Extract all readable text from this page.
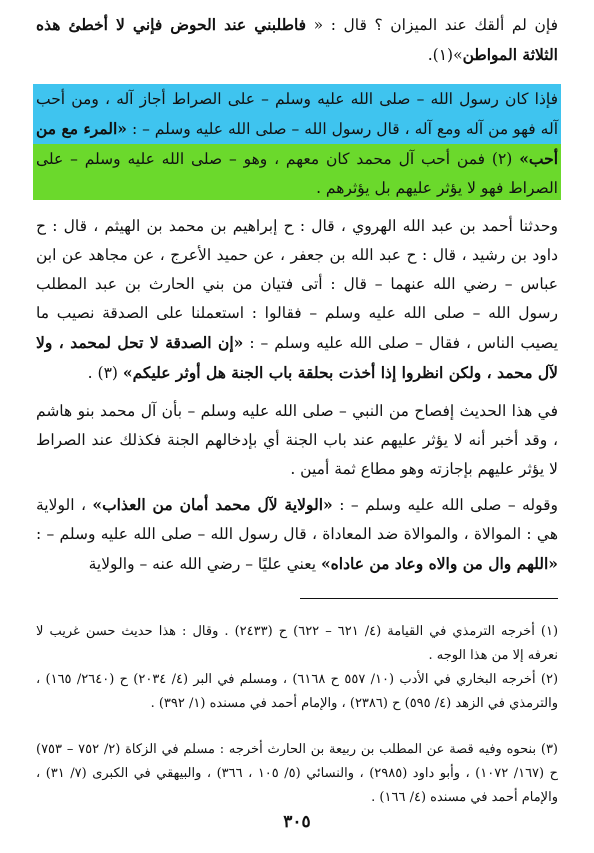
فإن لم ألقك عند الميزان ؟ قال : « فاطلبني عند الحوض فإني لا أخطئ هذه الثلاثة المواطن»(١).

فإذا كان رسول الله – صلى الله عليه وسلم – على الصراط أجاز آله ، ومن أحب آله فهو من آله ومع آله ، قال رسول الله – صلى الله عليه وسلم – : «المرء مع من أحب» (٢) فمن أحب آل محمد كان معهم ، وهو – صلى الله عليه وسلم – على الصراط فهو لا يؤثر عليهم بل يؤثرهم .

وحدثنا أحمد بن عبد الله الهروي ، قال : ح إبراهيم بن محمد بن الهيثم ، قال : ح داود بن رشيد ، قال : ح عبد الله بن جعفر ، عن حميد الأعرج ، عن مجاهد عن ابن عباس – رضي الله عنهما – قال : أتى فتيان من بني الحارث بن عبد المطلب رسول الله – صلى الله عليه وسلم – فقالوا : استعملنا على الصدقة نصيب ما يصيب الناس ، فقال – صلى الله عليه وسلم – : «إن الصدقة لا تحل لمحمد ، ولا لآل محمد ، ولكن انظروا إذا أخذت بحلقة باب الجنة هل أوثر عليكم» (٣) .

في هذا الحديث إفصاح من النبي – صلى الله عليه وسلم – بأن آل محمد بنو هاشم ، وقد أخبر أنه لا يؤثر عليهم عند باب الجنة أي بإدخالهم الجنة فكذلك عند الصراط لا يؤثر عليهم بإجازته وهو مطاع ثمة أمين .

وقوله – صلى الله عليه وسلم – : «الولاية لآل محمد أمان من العذاب» ، الولاية هي : الموالاة ، والموالاة ضد المعاداة ، قال رسول الله – صلى الله عليه وسلم – : «اللهم وال من والاه وعاد من عاداه» يعني عليًا – رضي الله عنه – والولاية

(١) أخرجه الترمذي في القيامة (٤/ ٦٢١ – ٦٢٢) ح (٢٤٣٣) . وقال : هذا حديث حسن غريب لا نعرفه إلا من هذا الوجه .

(٢) أخرجه البخاري في الأدب (١٠/ ٥٥٧ ح ٦١٦٨) ، ومسلم في البر (٤/ ٢٠٣٤) ح (٢٦٤٠/ ١٦٥) ، والترمذي في الزهد (٤/ ٥٩٥) ح (٢٣٨٦) ، والإمام أحمد في مسنده (١/ ٣٩٢) .

(٣) بنحوه وفيه قصة عن المطلب بن ربيعة بن الحارث أخرجه : مسلم في الزكاة (٢/ ٧٥٢ – ٧٥٣) ح (١٦٧/ ١٠٧٢) ، وأبو داود (٢٩٨٥) ، والنسائي (٥/ ١٠٥ ، ٣٦٦) ، والبيهقي في الكبرى (٧/ ٣١) ، والإمام أحمد في مسنده (٤/ ١٦٦) .

٣٠٥
